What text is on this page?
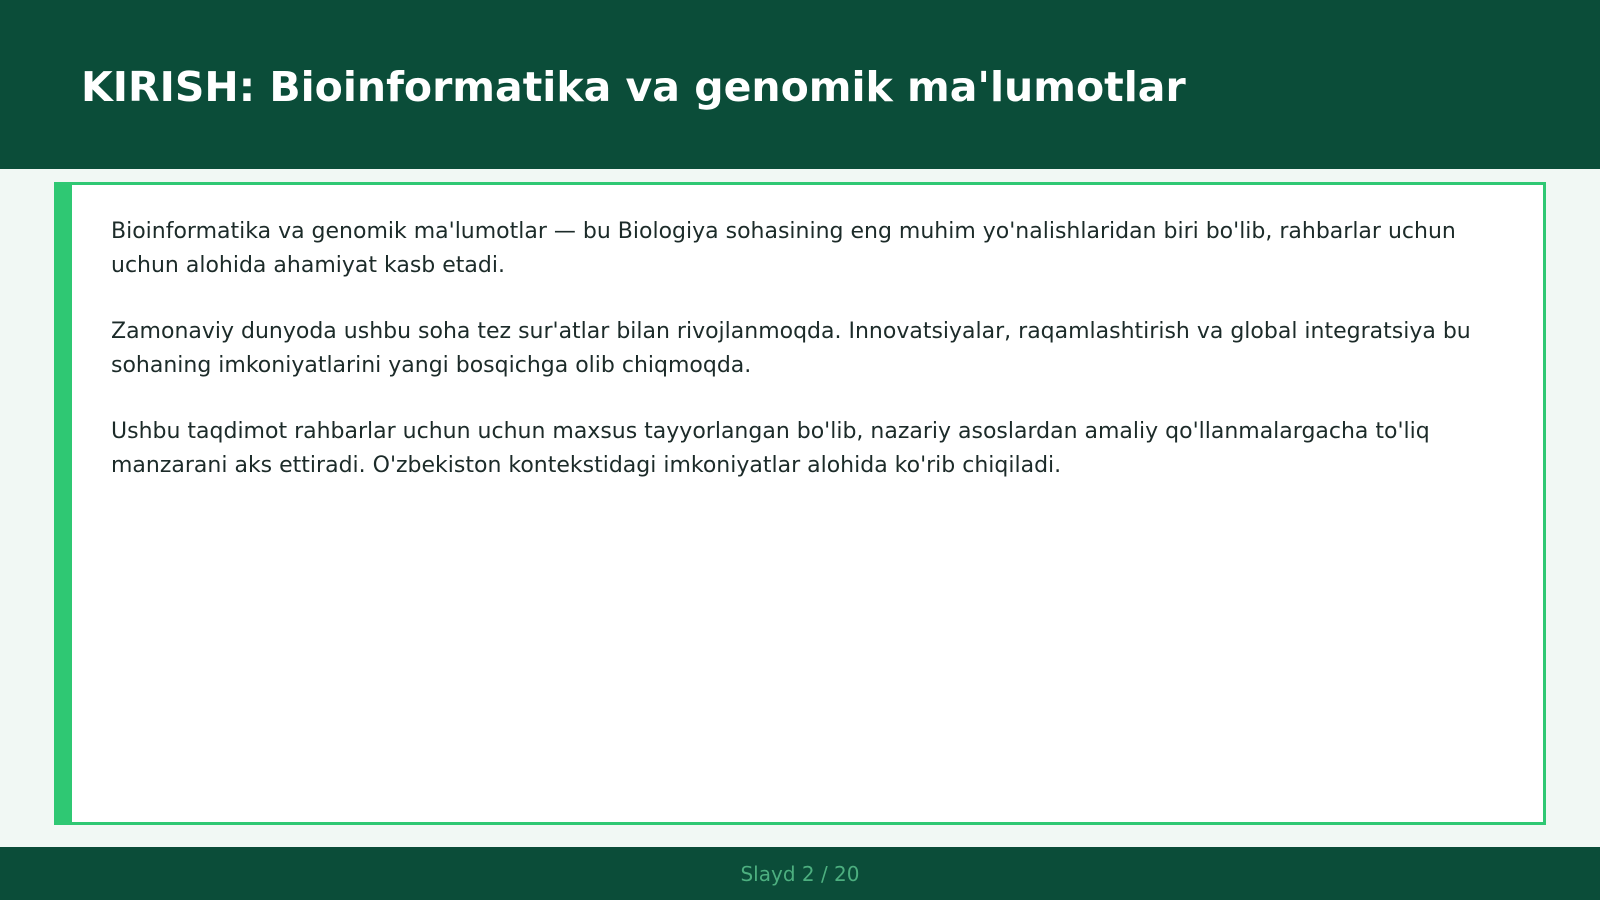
KIRISH: Bioinformatika va genomik ma'lumotlar

Bioinformatika va genomik ma'lumotlar — bu Biologiya sohasining eng muhim yo'nalishlaridan biri bo'lib, rahbarlar uchun uchun alohida ahamiyat kasb etadi.

Zamonaviy dunyoda ushbu soha tez sur'atlar bilan rivojlanmoqda. Innovatsiyalar, raqamlashtirish va global integratsiya bu sohaning imkoniyatlarini yangi bosqichga olib chiqmoqda.

Ushbu taqdimot rahbarlar uchun uchun maxsus tayyorlangan bo'lib, nazariy asoslardan amaliy qo'llanmalargacha to'liq manzarani aks ettiradi. O'zbekiston kontekstidagi imkoniyatlar alohida ko'rib chiqiladi.

Slayd 2 / 20
